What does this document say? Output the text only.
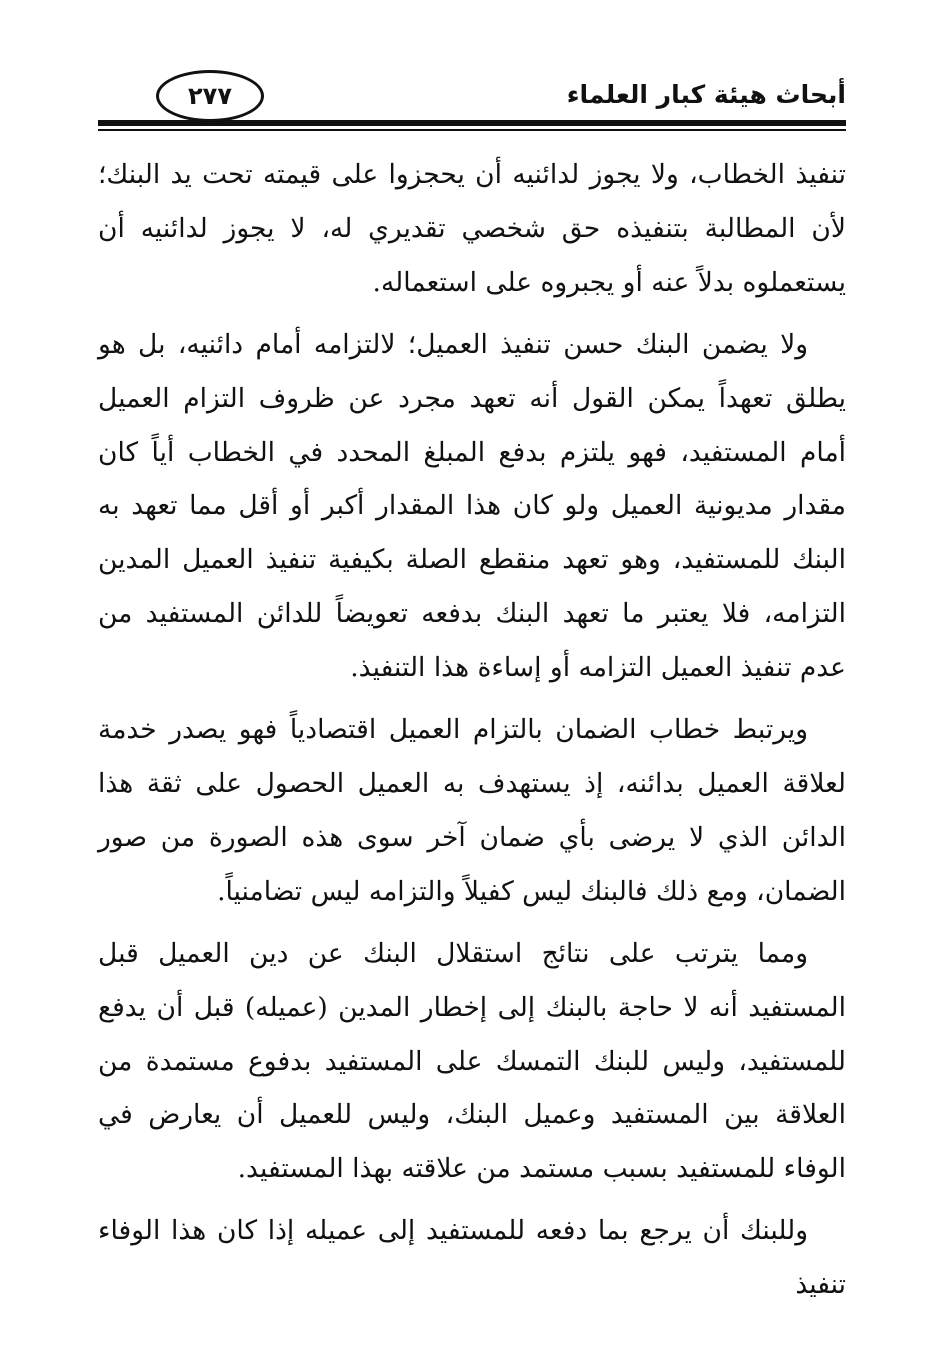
أبحاث هيئة كبار العلماء
٢٧٧

تنفيذ الخطاب، ولا يجوز لدائنيه أن يحجزوا على قيمته تحت يد البنك؛ لأن المطالبة بتنفيذه حق شخصي تقديري له، لا يجوز لدائنيه أن يستعملوه بدلاً عنه أو يجبروه على استعماله.

ولا يضمن البنك حسن تنفيذ العميل؛ لالتزامه أمام دائنيه، بل هو يطلق تعهداً يمكن القول أنه تعهد مجرد عن ظروف التزام العميل أمام المستفيد، فهو يلتزم بدفع المبلغ المحدد في الخطاب أياً كان مقدار مديونية العميل ولو كان هذا المقدار أكبر أو أقل مما تعهد به البنك للمستفيد، وهو تعهد منقطع الصلة بكيفية تنفيذ العميل المدين التزامه، فلا يعتبر ما تعهد البنك بدفعه تعويضاً للدائن المستفيد من عدم تنفيذ العميل التزامه أو إساءة هذا التنفيذ.

ويرتبط خطاب الضمان بالتزام العميل اقتصادياً فهو يصدر خدمة لعلاقة العميل بدائنه، إذ يستهدف به العميل الحصول على ثقة هذا الدائن الذي لا يرضى بأي ضمان آخر سوى هذه الصورة من صور الضمان، ومع ذلك فالبنك ليس كفيلاً والتزامه ليس تضامنياً.

ومما يترتب على نتائج استقلال البنك عن دين العميل قبل المستفيد أنه لا حاجة بالبنك إلى إخطار المدين (عميله) قبل أن يدفع للمستفيد، وليس للبنك التمسك على المستفيد بدفوع مستمدة من العلاقة بين المستفيد وعميل البنك، وليس للعميل أن يعارض في الوفاء للمستفيد بسبب مستمد من علاقته بهذا المستفيد.

وللبنك أن يرجع بما دفعه للمستفيد إلى عميله إذا كان هذا الوفاء تنفيذ
